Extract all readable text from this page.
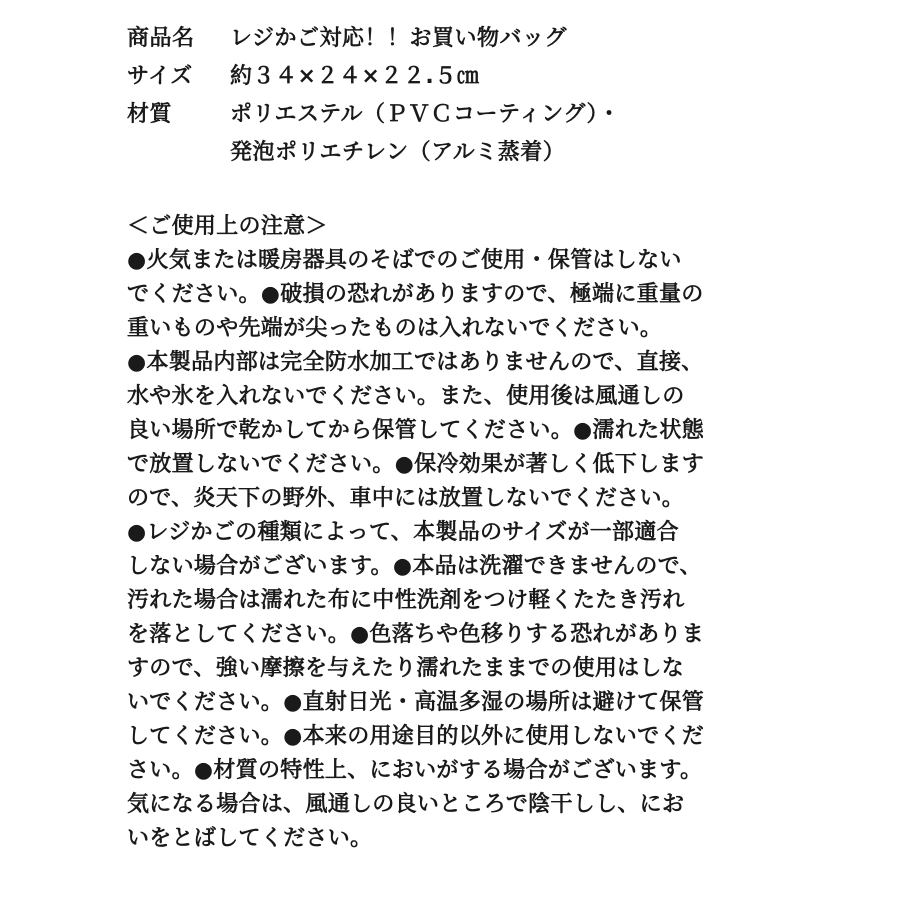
商品名	レジかご対応！！お買い物バッグ
サイズ	約３４×２４×２２.５㎝
材質	ポリエステル（ＰＶＣコーティング）・
発泡ポリエチレン（アルミ蒸着）
＜ご使用上の注意＞
●火気または暖房器具のそばでのご使用・保管はしない
でください。●破損の恐れがありますので、極端に重量の
重いものや先端が尖ったものは入れないでください。
●本製品内部は完全防水加工ではありませんので、直接、
水や氷を入れないでください。また、使用後は風通しの
良い場所で乾かしてから保管してください。●濡れた状態
で放置しないでください。●保冷効果が著しく低下します
ので、炎天下の野外、車中には放置しないでください。
●レジかごの種類によって、本製品のサイズが一部適合
しない場合がございます。●本品は洗濯できませんので、
汚れた場合は濡れた布に中性洗剤をつけ軽くたたき汚れ
を落としてください。●色落ちや色移りする恐れがありま
すので、強い摩擦を与えたり濡れたままでの使用はしな
いでください。●直射日光・高温多湿の場所は避けて保管
してください。●本来の用途目的以外に使用しないでくだ
さい。●材質の特性上、においがする場合がございます。
気になる場合は、風通しの良いところで陰干しし、にお
いをとばしてください。
